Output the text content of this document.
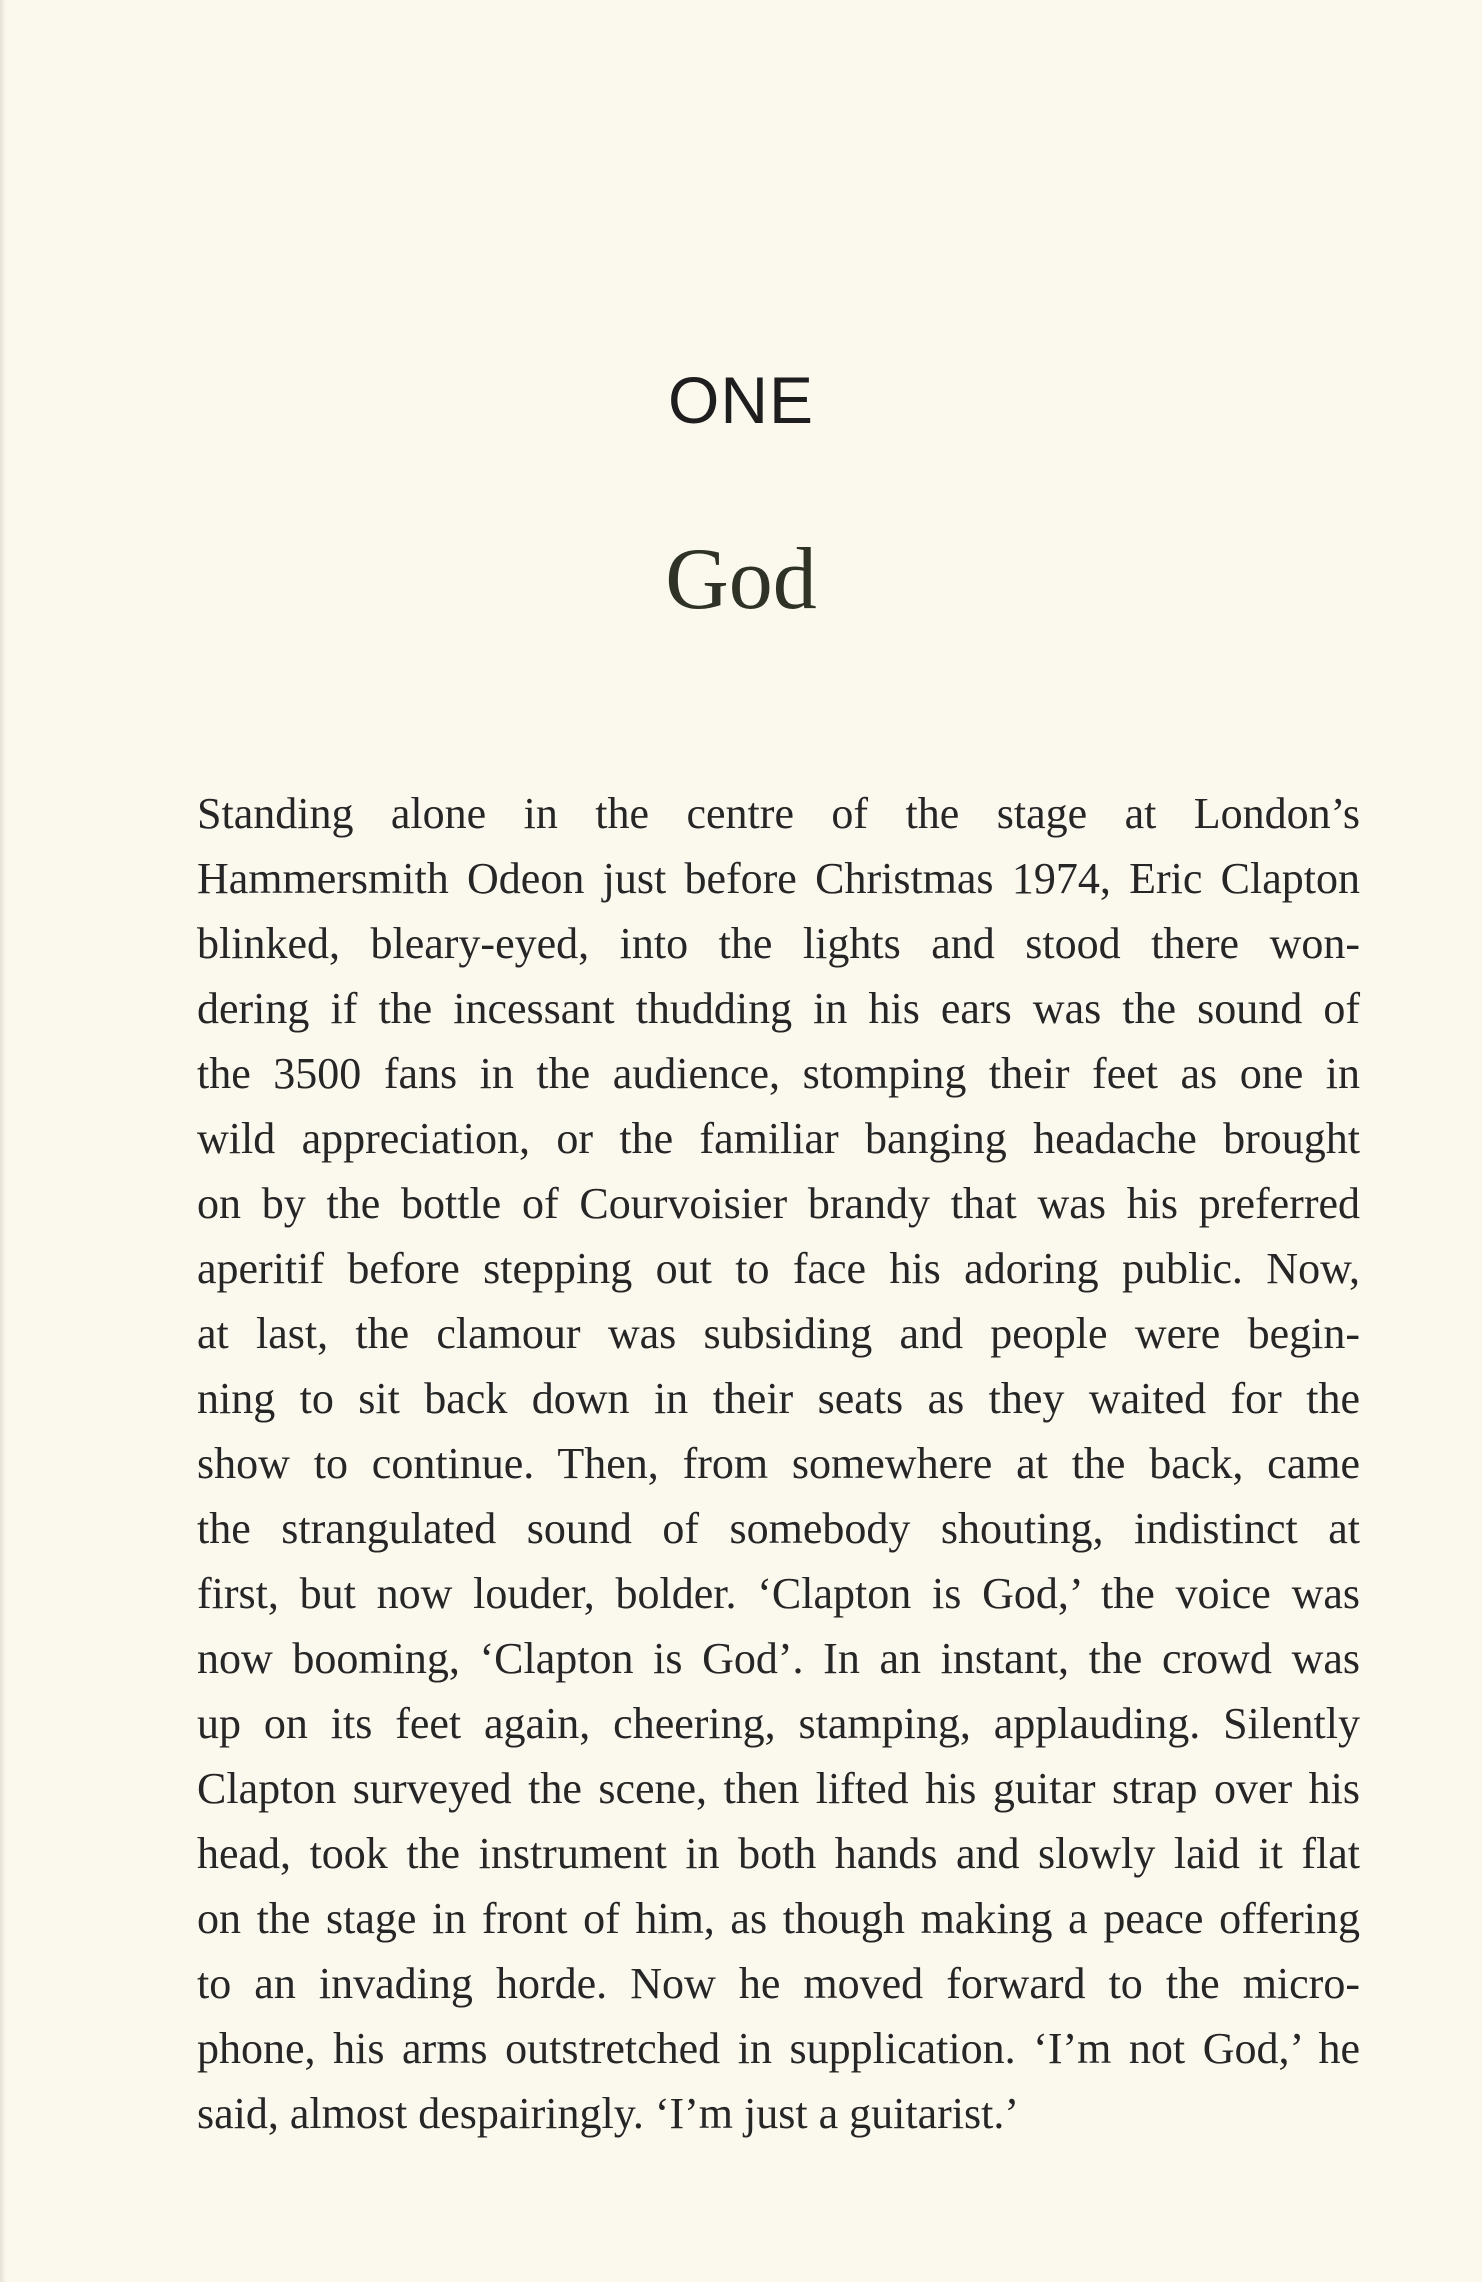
ONE
God
Standing alone in the centre of the stage at London’s
Hammersmith Odeon just before Christmas 1974, Eric Clapton
blinked, bleary-eyed, into the lights and stood there won-
dering if the incessant thudding in his ears was the sound of
the 3500 fans in the audience, stomping their feet as one in
wild appreciation, or the familiar banging headache brought
on by the bottle of Courvoisier brandy that was his preferred
aperitif before stepping out to face his adoring public. Now,
at last, the clamour was subsiding and people were begin-
ning to sit back down in their seats as they waited for the
show to continue. Then, from somewhere at the back, came
the strangulated sound of somebody shouting, indistinct at
first, but now louder, bolder. ‘Clapton is God,’ the voice was
now booming, ‘Clapton is God’. In an instant, the crowd was
up on its feet again, cheering, stamping, applauding. Silently
Clapton surveyed the scene, then lifted his guitar strap over his
head, took the instrument in both hands and slowly laid it flat
on the stage in front of him, as though making a peace offering
to an invading horde. Now he moved forward to the micro-
phone, his arms outstretched in supplication. ‘I’m not God,’ he
said, almost despairingly. ‘I’m just a guitarist.’
